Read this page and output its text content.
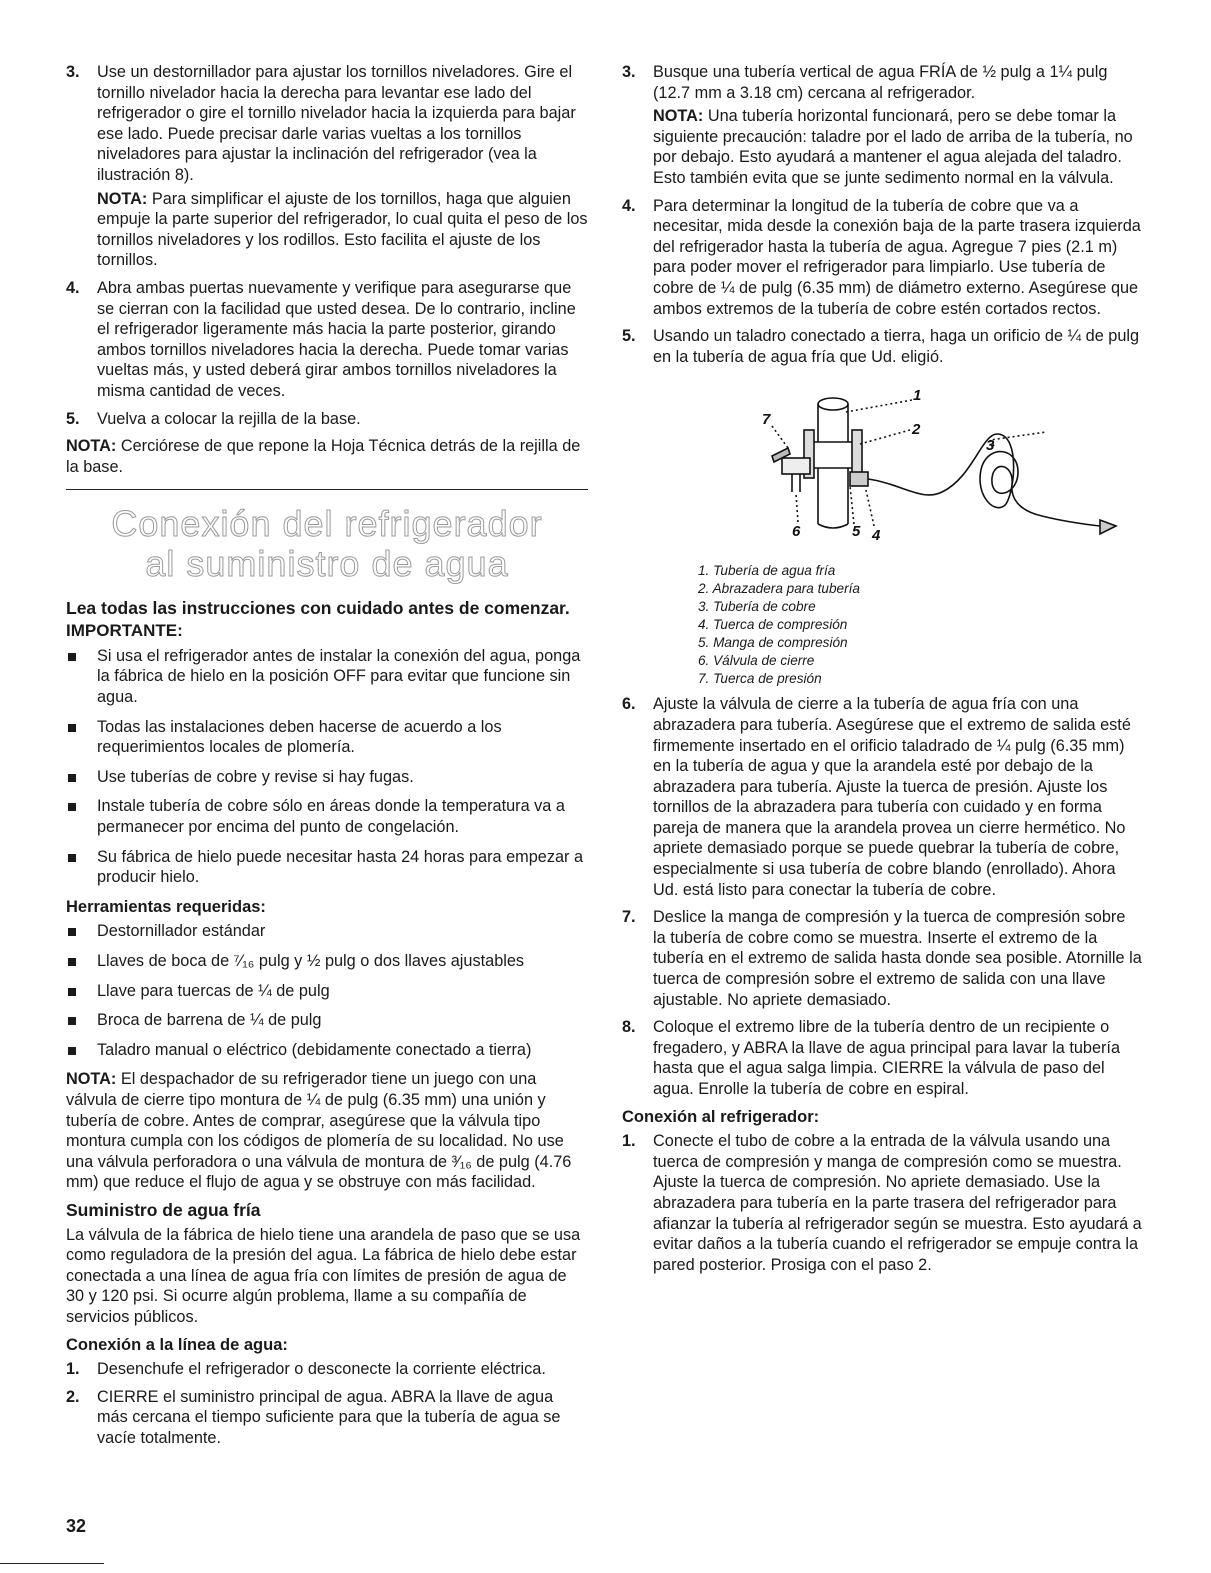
3.	Use un destornillador para ajustar los tornillos niveladores. Gire el tornillo nivelador hacia la derecha para levantar ese lado del refrigerador o gire el tornillo nivelador hacia la izquierda para bajar ese lado. Puede precisar darle varias vueltas a los tornillos niveladores para ajustar la inclinación del refrigerador (vea la ilustración 8).

NOTA: Para simplificar el ajuste de los tornillos, haga que alguien empuje la parte superior del refrigerador, lo cual quita el peso de los tornillos niveladores y los rodillos. Esto facilita el ajuste de los tornillos.

4.	Abra ambas puertas nuevamente y verifique para asegurarse que se cierran con la facilidad que usted desea. De lo contrario, incline el refrigerador ligeramente más hacia la parte posterior, girando ambos tornillos niveladores hacia la derecha. Puede tomar varias vueltas más, y usted deberá girar ambos tornillos niveladores la misma cantidad de veces.

5.	Vuelva a colocar la rejilla de la base.

NOTA: Cerciórese de que repone la Hoja Técnica detrás de la rejilla de la base.

Conexión del refrigerador
al suministro de agua

Lea todas las instrucciones con cuidado antes de comenzar.

IMPORTANTE:

Si usa el refrigerador antes de instalar la conexión del agua, ponga la fábrica de hielo en la posición OFF para evitar que funcione sin agua.
Todas las instalaciones deben hacerse de acuerdo a los requerimientos locales de plomería.
Use tuberías de cobre y revise si hay fugas.
Instale tubería de cobre sólo en áreas donde la temperatura va a permanecer por encima del punto de congelación.
Su fábrica de hielo puede necesitar hasta 24 horas para empezar a producir hielo.

Herramientas requeridas:

Destornillador estándar
Llaves de boca de ⁷⁄₁₆ pulg y ½ pulg o dos llaves ajustables
Llave para tuercas de ¼ de pulg
Broca de barrena de ¼ de pulg
Taladro manual o eléctrico (debidamente conectado a tierra)

NOTA: El despachador de su refrigerador tiene un juego con una válvula de cierre tipo montura de ¼ de pulg (6.35 mm) una unión y tubería de cobre. Antes de comprar, asegúrese que la válvula tipo montura cumpla con los códigos de plomería de su localidad. No use una válvula perforadora o una válvula de montura de ³⁄₁₆ de pulg (4.76 mm) que reduce el flujo de agua y se obstruye con más facilidad.

Suministro de agua fría

La válvula de la fábrica de hielo tiene una arandela de paso que se usa como reguladora de la presión del agua. La fábrica de hielo debe estar conectada a una línea de agua fría con límites de presión de agua de 30 y 120 psi. Si ocurre algún problema, llame a su compañía de servicios públicos.

Conexión a la línea de agua:

1.	Desenchufe el refrigerador o desconecte la corriente eléctrica.

2.	CIERRE el suministro principal de agua. ABRA la llave de agua más cercana el tiempo suficiente para que la tubería de agua se vacíe totalmente.

3.	Busque una tubería vertical de agua FRÍA de ½ pulg a 1¼ pulg (12.7 mm a 3.18 cm) cercana al refrigerador.

NOTA: Una tubería horizontal funcionará, pero se debe tomar la siguiente precaución: taladre por el lado de arriba de la tubería, no por debajo. Esto ayudará a mantener el agua alejada del taladro. Esto también evita que se junte sedimento normal en la válvula.

4.	Para determinar la longitud de la tubería de cobre que va a necesitar, mida desde la conexión baja de la parte trasera izquierda del refrigerador hasta la tubería de agua. Agregue 7 pies (2.1 m) para poder mover el refrigerador para limpiarlo. Use tubería de cobre de ¼ de pulg (6.35 mm) de diámetro externo. Asegúrese que ambos extremos de la tubería de cobre estén cortados rectos.

5.	Usando un taladro conectado a tierra, haga un orificio de ¼ de pulg en la tubería de agua fría que Ud. eligió.

1
2
3
4
5
6
7
1. Tubería de agua fría
2. Abrazadera para tubería
3. Tubería de cobre
4. Tuerca de compresión
5. Manga de compresión
6. Válvula de cierre
7. Tuerca de presión
6.	Ajuste la válvula de cierre a la tubería de agua fría con una abrazadera para tubería. Asegúrese que el extremo de salida esté firmemente insertado en el orificio taladrado de ¼ pulg (6.35 mm) en la tubería de agua y que la arandela esté por debajo de la abrazadera para tubería. Ajuste la tuerca de presión. Ajuste los tornillos de la abrazadera para tubería con cuidado y en forma pareja de manera que la arandela provea un cierre hermético. No apriete demasiado porque se puede quebrar la tubería de cobre, especialmente si usa tubería de cobre blando (enrollado). Ahora Ud. está listo para conectar la tubería de cobre.

7.	Deslice la manga de compresión y la tuerca de compresión sobre la tubería de cobre como se muestra. Inserte el extremo de la tubería en el extremo de salida hasta donde sea posible. Atornille la tuerca de compresión sobre el extremo de salida con una llave ajustable. No apriete demasiado.

8.	Coloque el extremo libre de la tubería dentro de un recipiente o fregadero, y ABRA la llave de agua principal para lavar la tubería hasta que el agua salga limpia. CIERRE la válvula de paso del agua. Enrolle la tubería de cobre en espiral.

Conexión al refrigerador:

1.	Conecte el tubo de cobre a la entrada de la válvula usando una tuerca de compresión y manga de compresión como se muestra. Ajuste la tuerca de compresión. No apriete demasiado. Use la abrazadera para tubería en la parte trasera del refrigerador para afianzar la tubería al refrigerador según se muestra. Esto ayudará a evitar daños a la tubería cuando el refrigerador se empuje contra la pared posterior. Prosiga con el paso 2.

32
